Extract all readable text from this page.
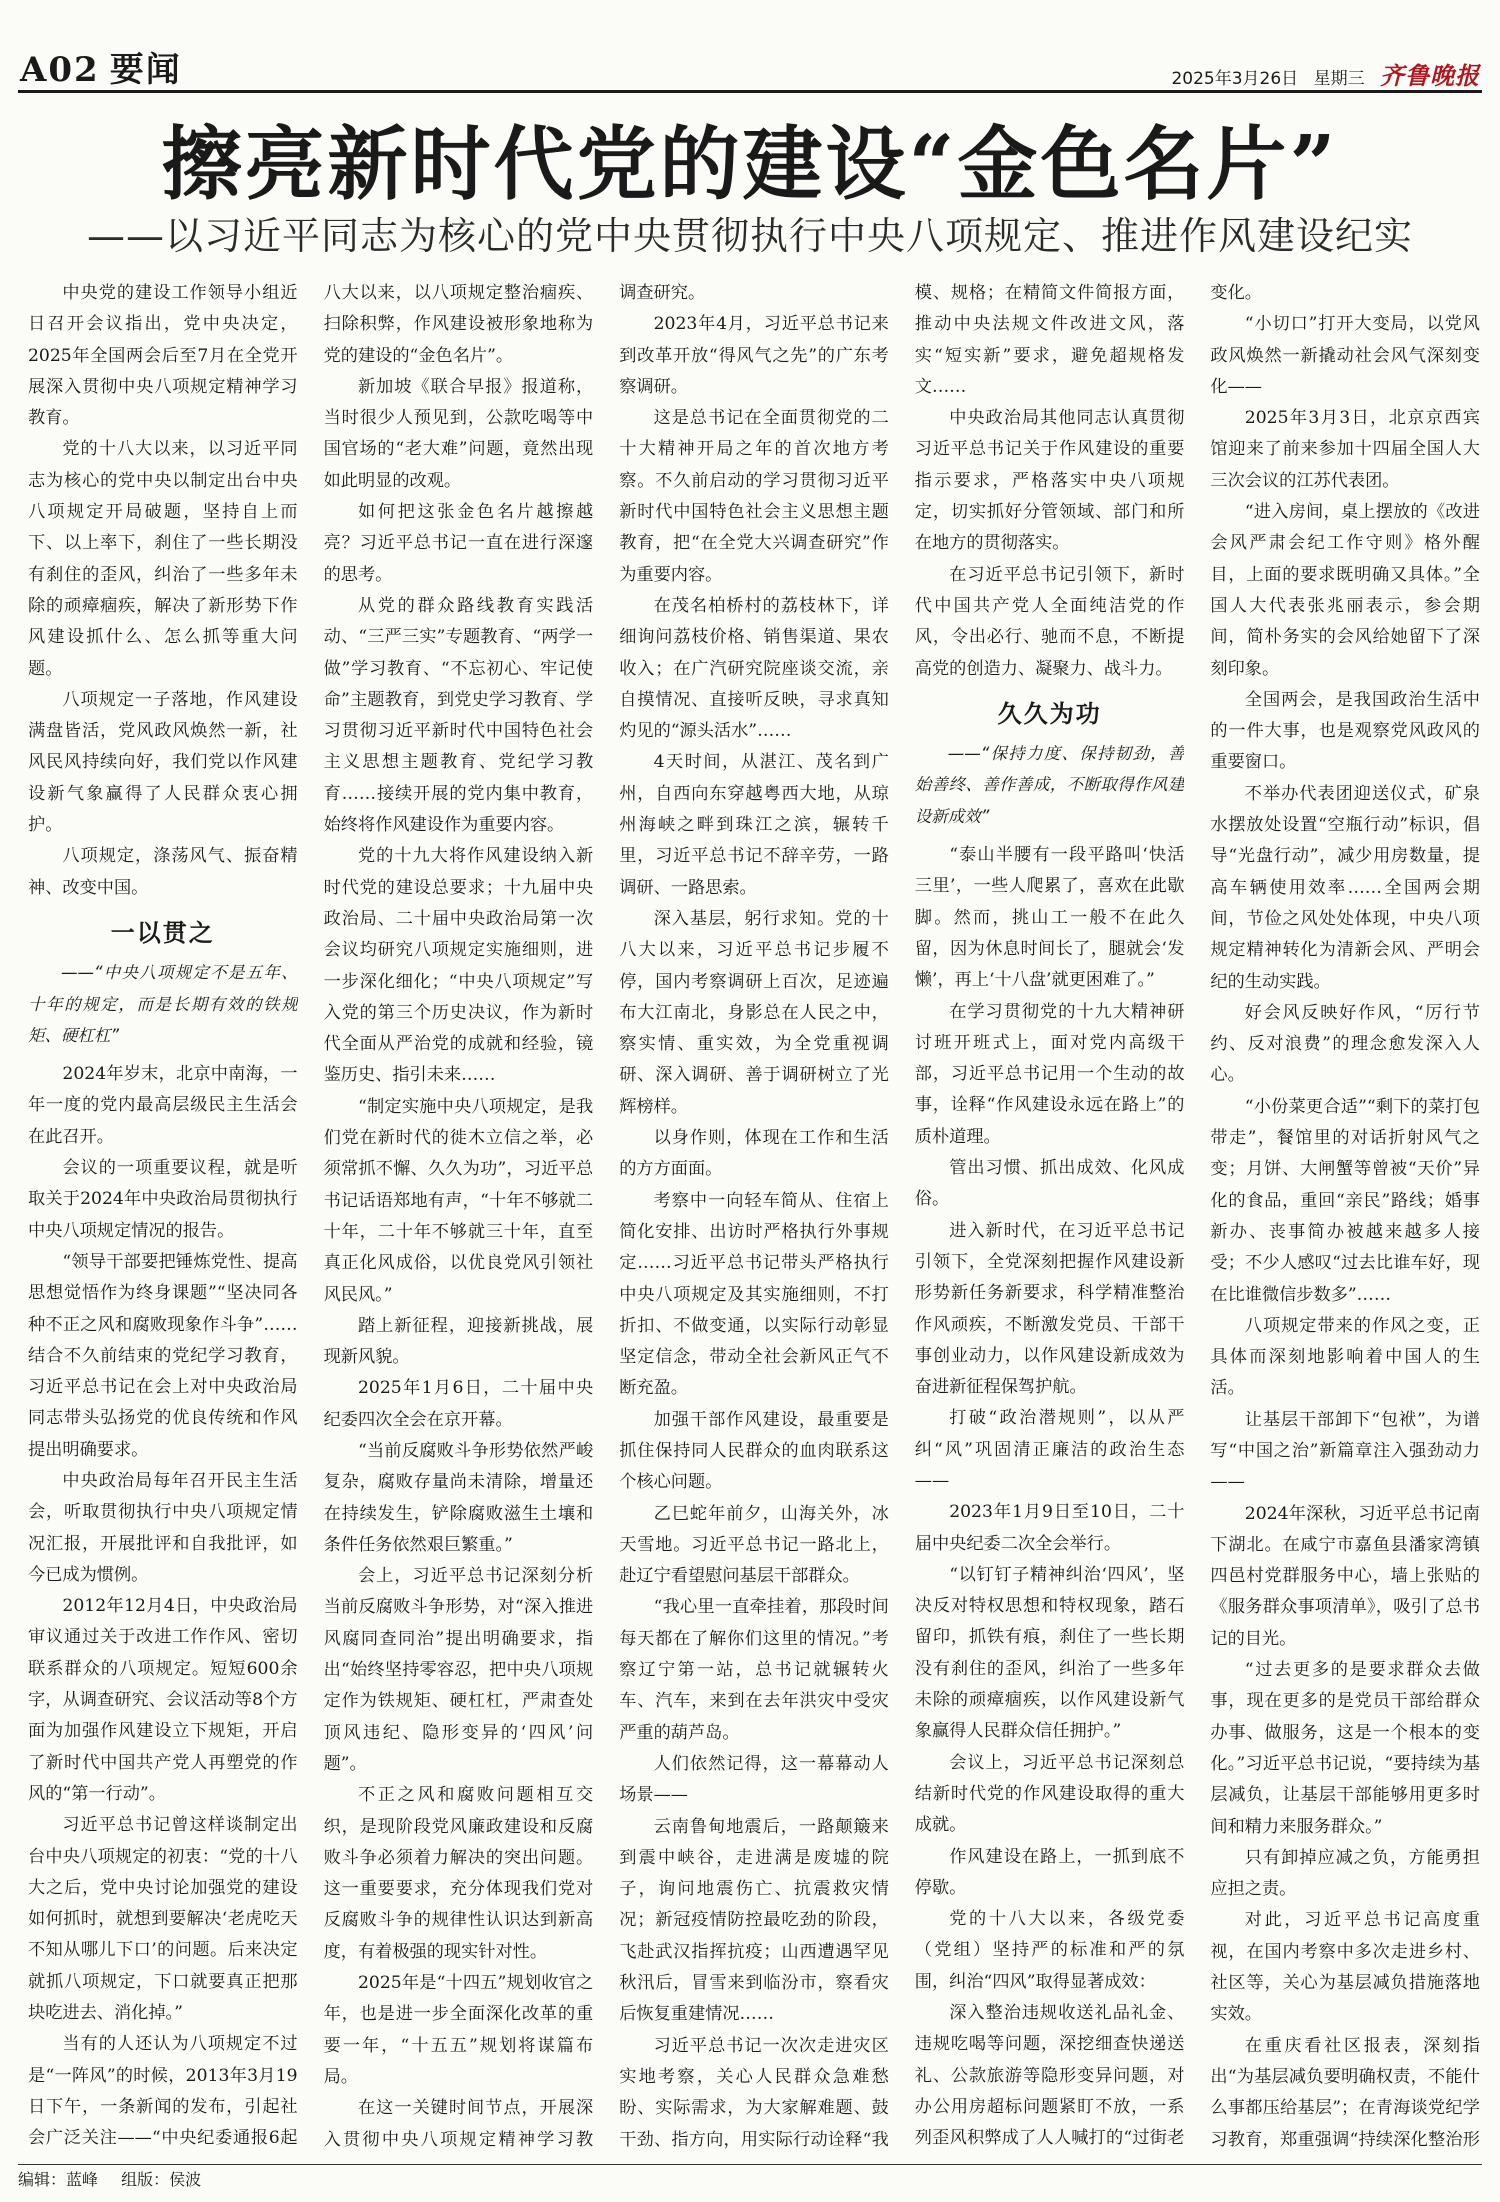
A02 要闻	2025年3月26日 星期三 齐鲁晚报
擦亮新时代党的建设“金色名片”
——以习近平同志为核心的党中央贯彻执行中央八项规定、推进作风建设纪实

中央党的建设工作领导小组近日召开会议指出，党中央决定，2025年全国两会后至7月在全党开展深入贯彻中央八项规定精神学习教育。

党的十八大以来，以习近平同志为核心的党中央以制定出台中央八项规定开局破题，坚持自上而下、以上率下，刹住了一些长期没有刹住的歪风，纠治了一些多年未除的顽瘴痼疾，解决了新形势下作风建设抓什么、怎么抓等重大问题。

八项规定一子落地，作风建设满盘皆活，党风政风焕然一新，社风民风持续向好，我们党以作风建设新气象赢得了人民群众衷心拥护。

八项规定，涤荡风气、振奋精神、改变中国。

一以贯之

——“中央八项规定不是五年、十年的规定，而是长期有效的铁规矩、硬杠杠”

2024年岁末，北京中南海，一年一度的党内最高层级民主生活会在此召开。

会议的一项重要议程，就是听取关于2024年中央政治局贯彻执行中央八项规定情况的报告。

“领导干部要把锤炼党性、提高思想觉悟作为终身课题”“坚决同各种不正之风和腐败现象作斗争”……结合不久前结束的党纪学习教育，习近平总书记在会上对中央政治局同志带头弘扬党的优良传统和作风提出明确要求。

中央政治局每年召开民主生活会，听取贯彻执行中央八项规定情况汇报，开展批评和自我批评，如今已成为惯例。

2012年12月4日，中央政治局审议通过关于改进工作作风、密切联系群众的八项规定。短短600余字，从调查研究、会议活动等8个方面为加强作风建设立下规矩，开启了新时代中国共产党人再塑党的作风的“第一行动”。

习近平总书记曾这样谈制定出台中央八项规定的初衷：“党的十八大之后，党中央讨论加强党的建设如何抓时，就想到要解决‘老虎吃天不知从哪儿下口’的问题。后来决定就抓八项规定，下口就要真正把那块吃进去、消化掉。”

当有的人还认为八项规定不过是“一阵风”的时候，2013年3月19日下午，一条新闻的发布，引起社会广泛关注——“中央纪委通报6起

八大以来，以八项规定整治痼疾、扫除积弊，作风建设被形象地称为党的建设的“金色名片”。

新加坡《联合早报》报道称，当时很少人预见到，公款吃喝等中国官场的“老大难”问题，竟然出现如此明显的改观。

如何把这张金色名片越擦越亮？习近平总书记一直在进行深邃的思考。

从党的群众路线教育实践活动、“三严三实”专题教育、“两学一做”学习教育、“不忘初心、牢记使命”主题教育，到党史学习教育、学习贯彻习近平新时代中国特色社会主义思想主题教育、党纪学习教育……接续开展的党内集中教育，始终将作风建设作为重要内容。

党的十九大将作风建设纳入新时代党的建设总要求；十九届中央政治局、二十届中央政治局第一次会议均研究八项规定实施细则，进一步深化细化；“中央八项规定”写入党的第三个历史决议，作为新时代全面从严治党的成就和经验，镜鉴历史、指引未来……

“制定实施中央八项规定，是我们党在新时代的徙木立信之举，必须常抓不懈、久久为功”，习近平总书记话语郑地有声，“十年不够就二十年，二十年不够就三十年，直至真正化风成俗，以优良党风引领社风民风。”

踏上新征程，迎接新挑战，展现新风貌。

2025年1月6日，二十届中央纪委四次全会在京开幕。

“当前反腐败斗争形势依然严峻复杂，腐败存量尚未清除，增量还在持续发生，铲除腐败滋生土壤和条件任务依然艰巨繁重。”

会上，习近平总书记深刻分析当前反腐败斗争形势，对“深入推进风腐同查同治”提出明确要求，指出“始终坚持零容忍，把中央八项规定作为铁规矩、硬杠杠，严肃查处顶风违纪、隐形变异的‘四风’问题”。

不正之风和腐败问题相互交织，是现阶段党风廉政建设和反腐败斗争必须着力解决的突出问题。这一重要要求，充分体现我们党对反腐败斗争的规律性认识达到新高度，有着极强的现实针对性。

2025年是“十四五”规划收官之年，也是进一步全面深化改革的重要一年，“十五五”规划将谋篇布局。

在这一关键时间节点，开展深入贯彻中央八项规定精神学习教

调查研究。

2023年4月，习近平总书记来到改革开放“得风气之先”的广东考察调研。

这是总书记在全面贯彻党的二十大精神开局之年的首次地方考察。不久前启动的学习贯彻习近平新时代中国特色社会主义思想主题教育，把“在全党大兴调查研究”作为重要内容。

在茂名柏桥村的荔枝林下，详细询问荔枝价格、销售渠道、果农收入；在广汽研究院座谈交流，亲自摸情况、直接听反映，寻求真知灼见的“源头活水”……

4天时间，从湛江、茂名到广州，自西向东穿越粤西大地，从琼州海峡之畔到珠江之滨，辗转千里，习近平总书记不辞辛劳，一路调研、一路思索。

深入基层，躬行求知。党的十八大以来，习近平总书记步履不停，国内考察调研上百次，足迹遍布大江南北，身影总在人民之中，察实情、重实效，为全党重视调研、深入调研、善于调研树立了光辉榜样。

以身作则，体现在工作和生活的方方面面。

考察中一向轻车简从、住宿上简化安排、出访时严格执行外事规定……习近平总书记带头严格执行中央八项规定及其实施细则，不打折扣、不做变通，以实际行动彰显坚定信念，带动全社会新风正气不断充盈。

加强干部作风建设，最重要是抓住保持同人民群众的血肉联系这个核心问题。

乙巳蛇年前夕，山海关外，冰天雪地。习近平总书记一路北上，赴辽宁看望慰问基层干部群众。

“我心里一直牵挂着，那段时间每天都在了解你们这里的情况。”考察辽宁第一站，总书记就辗转火车、汽车，来到在去年洪灾中受灾严重的葫芦岛。

人们依然记得，这一幕幕动人场景——

云南鲁甸地震后，一路颠簸来到震中峡谷，走进满是废墟的院子，询问地震伤亡、抗震救灾情况；新冠疫情防控最吃劲的阶段，飞赴武汉指挥抗疫；山西遭遇罕见秋汛后，冒雪来到临汾市，察看灾后恢复重建情况……

习近平总书记一次次走进灾区实地考察，关心人民群众急难愁盼、实际需求，为大家解难题、鼓干劲、指方向，用实际行动诠释“我

模、规格；在精简文件简报方面，推动中央法规文件改进文风，落实“短实新”要求，避免超规格发文……

中央政治局其他同志认真贯彻习近平总书记关于作风建设的重要指示要求，严格落实中央八项规定，切实抓好分管领域、部门和所在地方的贯彻落实。

在习近平总书记引领下，新时代中国共产党人全面纯洁党的作风，令出必行、驰而不息，不断提高党的创造力、凝聚力、战斗力。

久久为功

——“保持力度、保持韧劲，善始善终、善作善成，不断取得作风建设新成效”

“泰山半腰有一段平路叫‘快活三里’，一些人爬累了，喜欢在此歇脚。然而，挑山工一般不在此久留，因为休息时间长了，腿就会‘发懒’，再上‘十八盘’就更困难了。”

在学习贯彻党的十九大精神研讨班开班式上，面对党内高级干部，习近平总书记用一个生动的故事，诠释“作风建设永远在路上”的质朴道理。

管出习惯、抓出成效、化风成俗。

进入新时代，在习近平总书记引领下，全党深刻把握作风建设新形势新任务新要求，科学精准整治作风顽疾，不断激发党员、干部干事创业动力，以作风建设新成效为奋进新征程保驾护航。

打破“政治潜规则”，以从严纠“风”巩固清正廉洁的政治生态——

2023年1月9日至10日，二十届中央纪委二次全会举行。

“以钉钉子精神纠治‘四风’，坚决反对特权思想和特权现象，踏石留印，抓铁有痕，刹住了一些长期没有刹住的歪风，纠治了一些多年未除的顽瘴痼疾，以作风建设新气象赢得人民群众信任拥护。”

会议上，习近平总书记深刻总结新时代党的作风建设取得的重大成就。

作风建设在路上，一抓到底不停歇。

党的十八大以来，各级党委（党组）坚持严的标准和严的氛围，纠治“四风”取得显著成效：

深入整治违规收送礼品礼金、违规吃喝等问题，深挖细查快递送礼、公款旅游等隐形变异问题，对办公用房超标问题紧盯不放，一系列歪风积弊成了人人喊打的“过街老

变化。

“小切口”打开大变局，以党风政风焕然一新撬动社会风气深刻变化——

2025年3月3日，北京京西宾馆迎来了前来参加十四届全国人大三次会议的江苏代表团。

“进入房间，桌上摆放的《改进会风严肃会纪工作守则》格外醒目，上面的要求既明确又具体。”全国人大代表张兆丽表示，参会期间，简朴务实的会风给她留下了深刻印象。

全国两会，是我国政治生活中的一件大事，也是观察党风政风的重要窗口。

不举办代表团迎送仪式，矿泉水摆放处设置“空瓶行动”标识，倡导“光盘行动”，减少用房数量，提高车辆使用效率……全国两会期间，节俭之风处处体现，中央八项规定精神转化为清新会风、严明会纪的生动实践。

好会风反映好作风，“厉行节约、反对浪费”的理念愈发深入人心。

“小份菜更合适”“剩下的菜打包带走”，餐馆里的对话折射风气之变；月饼、大闸蟹等曾被“天价”异化的食品，重回“亲民”路线；婚事新办、丧事简办被越来越多人接受；不少人感叹“过去比谁车好，现在比谁微信步数多”……

八项规定带来的作风之变，正具体而深刻地影响着中国人的生活。

让基层干部卸下“包袱”，为谱写“中国之治”新篇章注入强劲动力——

2024年深秋，习近平总书记南下湖北。在咸宁市嘉鱼县潘家湾镇四邑村党群服务中心，墙上张贴的《服务群众事项清单》，吸引了总书记的目光。

“过去更多的是要求群众去做事，现在更多的是党员干部给群众办事、做服务，这是一个根本的变化。”习近平总书记说，“要持续为基层减负，让基层干部能够用更多时间和精力来服务群众。”

只有卸掉应减之负，方能勇担应担之责。

对此，习近平总书记高度重视，在国内考察中多次走进乡村、社区等，关心为基层减负措施落地实效。

在重庆看社区报表，深刻指出“为基层减负要明确权责，不能什么事都压给基层”；在青海谈党纪学习教育，郑重强调“持续深化整治形

编辑：蓝峰 组版：侯波
